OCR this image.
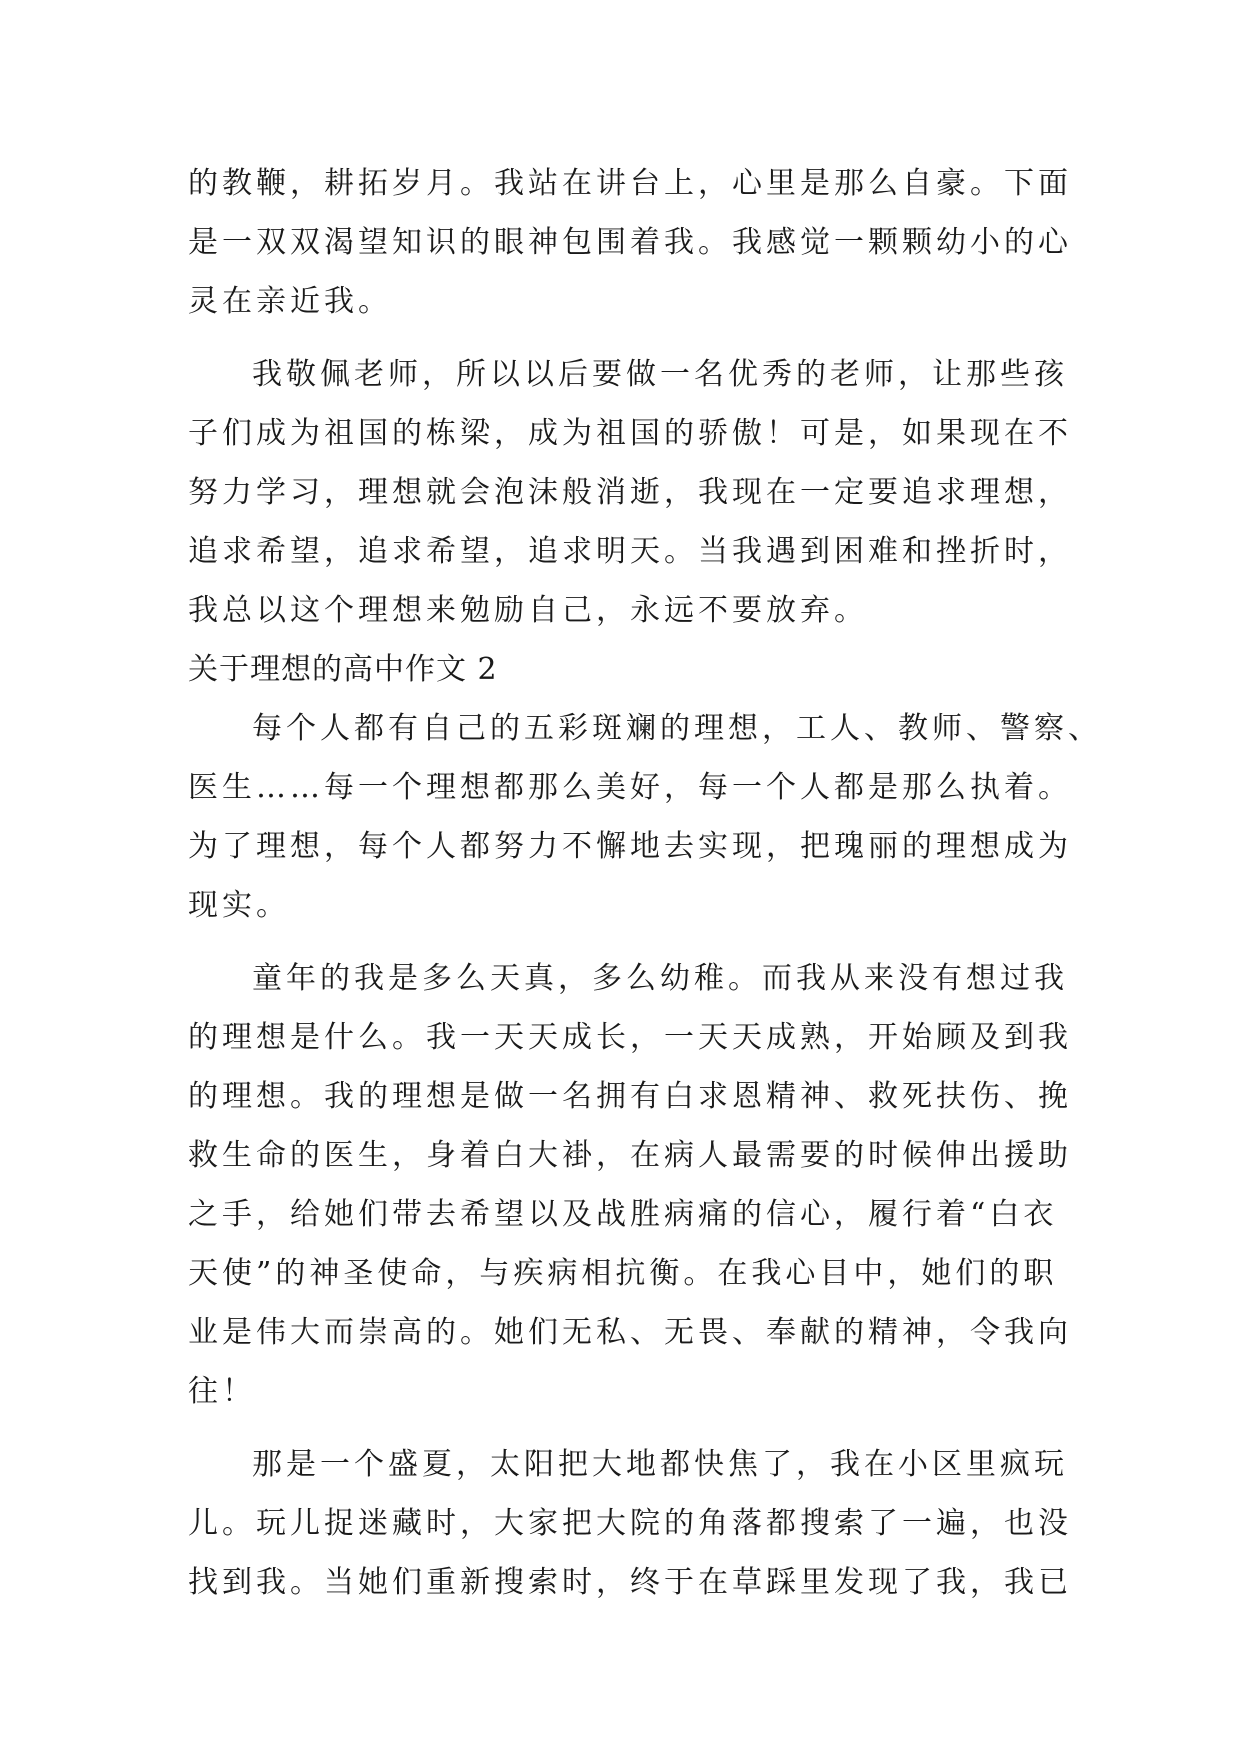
的教鞭，耕拓岁月。我站在讲台上，心里是那么自豪。下面
是一双双渴望知识的眼神包围着我。我感觉一颗颗幼小的心
灵在亲近我。
我敬佩老师，所以以后要做一名优秀的老师，让那些孩
子们成为祖国的栋梁，成为祖国的骄傲！可是，如果现在不
努力学习，理想就会泡沫般消逝，我现在一定要追求理想，
追求希望，追求希望，追求明天。当我遇到困难和挫折时，
我总以这个理想来勉励自己，永远不要放弃。
关于理想的高中作文 2
每个人都有自己的五彩斑斓的理想，工人、教师、警察、
医生……每一个理想都那么美好，每一个人都是那么执着。
为了理想，每个人都努力不懈地去实现，把瑰丽的理想成为
现实。
童年的我是多么天真，多么幼稚。而我从来没有想过我
的理想是什么。我一天天成长，一天天成熟，开始顾及到我
的理想。我的理想是做一名拥有白求恩精神、救死扶伤、挽
救生命的医生，身着白大褂，在病人最需要的时候伸出援助
之手，给她们带去希望以及战胜病痛的信心，履行着“白衣
天使”的神圣使命，与疾病相抗衡。在我心目中，她们的职
业是伟大而崇高的。她们无私、无畏、奉献的精神，令我向
往！
那是一个盛夏，太阳把大地都快焦了，我在小区里疯玩
儿。玩儿捉迷藏时，大家把大院的角落都搜索了一遍，也没
找到我。当她们重新搜索时，终于在草踩里发现了我，我已
